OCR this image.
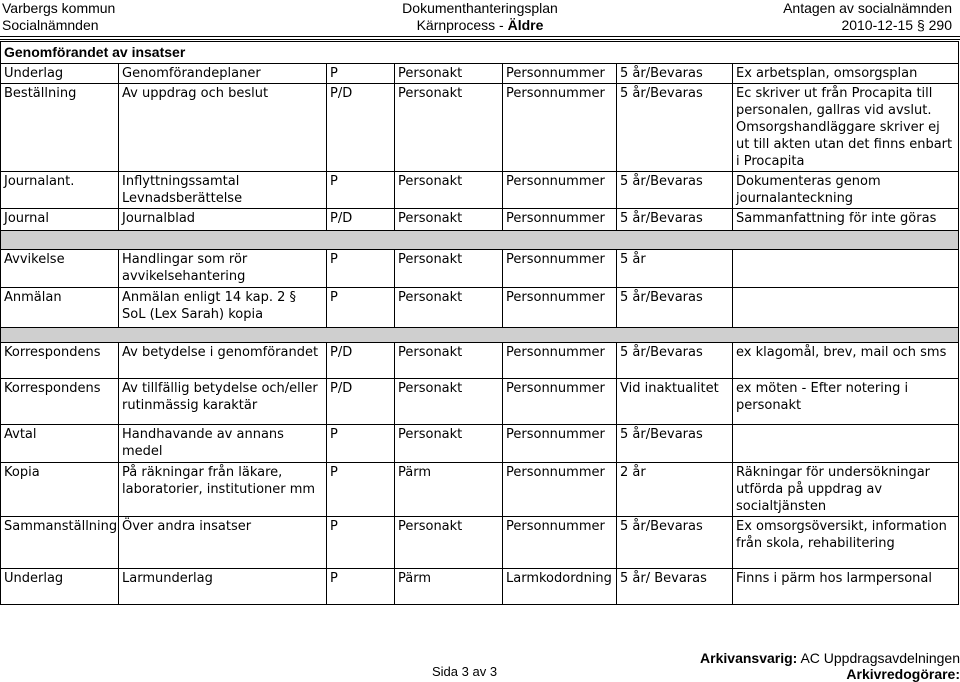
Varbergs kommun
Socialnämnden
Dokumenthanteringsplan
Kärnprocess - Äldre
Antagen av socialnämnden
2010-12-15 § 290
Genomförandet av insatser						
Underlag	Genomförandeplaner	P	Personakt	Personnummer	5 år/Bevaras	Ex arbetsplan, omsorgsplan
Beställning	Av uppdrag och beslut	P/D	Personakt	Personnummer	5 år/Bevaras	Ec skriver ut från Procapita till personalen, gallras vid avslut. Omsorgshandläggare skriver ej ut till akten utan det finns enbart i Procapita
Journalant.	Inflyttningssamtal Levnadsberättelse	P	Personakt	Personnummer	5 år/Bevaras	Dokumenteras genom journalanteckning
Journal	Journalblad	P/D	Personakt	Personnummer	5 år/Bevaras	Sammanfattning för inte göras

Avvikelse	Handlingar som rör avvikelsehantering	P	Personakt	Personnummer	5 år	
Anmälan	Anmälan enligt 14 kap. 2 § SoL (Lex Sarah) kopia	P	Personakt	Personnummer	5 år/Bevaras	

Korrespondens	Av betydelse i genomförandet	P/D	Personakt	Personnummer	5 år/Bevaras	ex klagomål, brev, mail och sms
Korrespondens	Av tillfällig betydelse och/eller rutinmässig karaktär	P/D	Personakt	Personnummer	Vid inaktualitet	ex möten - Efter notering i personakt
Avtal	Handhavande av annans medel	P	Personakt	Personnummer	5 år/Bevaras	
Kopia	På räkningar från läkare, laboratorier, institutioner mm	P	Pärm	Personnummer	2 år	Räkningar för undersökningar utförda på uppdrag av socialtjänsten
Sammanställning	Över andra insatser	P	Personakt	Personnummer	5 år/Bevaras	Ex omsorgsöversikt, information från skola, rehabilitering
Underlag	Larmunderlag	P	Pärm	Larmkodordning	5 år/ Bevaras	Finns i pärm hos larmpersonal
Sida 3 av 3
Arkivansvarig: AC Uppdragsavdelningen
Arkivredogörare:
